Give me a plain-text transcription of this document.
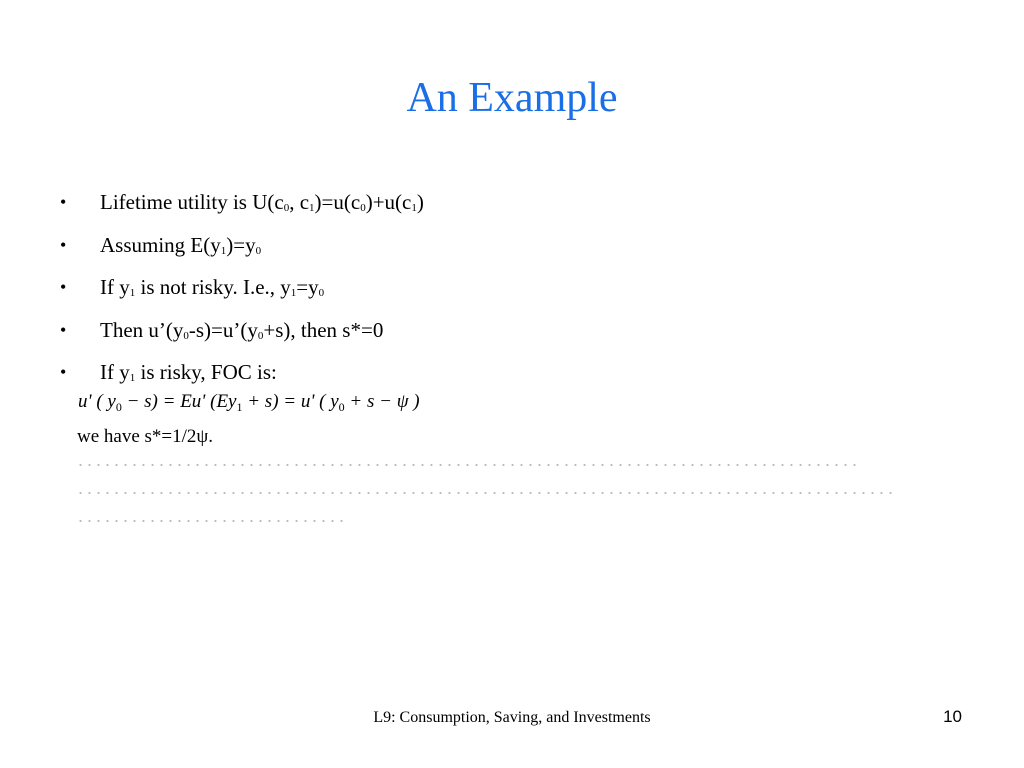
An Example
• Lifetime utility is U(c0, c1)=u(c0)+u(c1)
• Assuming E(y1)=y0
• If y1 is not risky. I.e., y1=y0
• Then u’(y0-s)=u’(y0+s), then s*=0
• If y1 is risky, FOC is:
u' ( $y_0 - s) = Eu'$ $(Ey_1 + s) = u'$ ( $y_0 + s - \psi$ )
we have s*=1/2ψ.
L9: Consumption, Saving, and Investments	10
